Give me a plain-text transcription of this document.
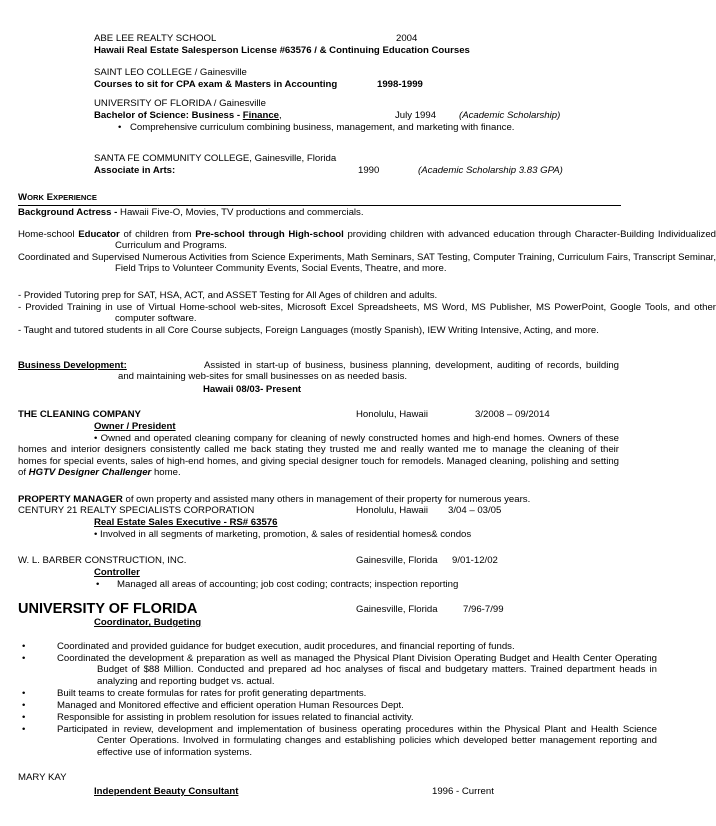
ABE LEE REALTY SCHOOL	2004
Hawaii Real Estate Salesperson License #63576 / & Continuing Education Courses
SAINT LEO COLLEGE / Gainesville
Courses to sit for CPA exam & Masters in Accounting	1998-1999
UNIVERSITY OF FLORIDA / Gainesville
Bachelor of Science: Business - Finance,	July 1994 (Academic Scholarship)
• Comprehensive curriculum combining business, management, and marketing with finance.
SANTA FE COMMUNITY COLLEGE, Gainesville, Florida
Associate in Arts:	1990	(Academic Scholarship 3.83 GPA)
WORK EXPERIENCE
Background Actress - Hawaii Five-O, Movies, TV productions and commercials.
Home-school Educator of children from Pre-school through High-school providing children with advanced education through Character-Building Individualized Curriculum and Programs.
Coordinated and Supervised Numerous Activities from Science Experiments, Math Seminars, SAT Testing, Computer Training, Curriculum Fairs, Transcript Seminar, Field Trips to Volunteer Community Events, Social Events, Theatre, and more.
- Provided Tutoring prep for SAT, HSA, ACT, and ASSET Testing for All Ages of children and adults.
- Provided Training in use of Virtual Home-school web-sites, Microsoft Excel Spreadsheets, MS Word, MS Publisher, MS PowerPoint, Google Tools, and other computer software.
- Taught and tutored students in all Core Course subjects, Foreign Languages (mostly Spanish), IEW Writing Intensive, Acting, and more.
Business Development:	Assisted in start-up of business, business planning, development, auditing of records, building and maintaining web-sites for small businesses on as needed basis.
Hawaii 08/03- Present
THE CLEANING COMPANY	Honolulu, Hawaii	3/2008 – 09/2014
Owner / President
• Owned and operated cleaning company for cleaning of newly constructed homes and high-end homes. Owners of these homes and interior designers consistently called me back stating they trusted me and really wanted me to manage the cleaning of their homes for special events, sales of high-end homes, and giving special designer touch for remodels. Managed cleaning, polishing and setting of HGTV Designer Challenger home.
PROPERTY MANAGER of own property and assisted many others in management of their property for numerous years.
CENTURY 21 REALTY SPECIALISTS CORPORATION	Honolulu, Hawaii 3/04 – 03/05
Real Estate Sales Executive - RS# 63576
• Involved in all segments of marketing, promotion, & sales of residential homes& condos
W. L. BARBER CONSTRUCTION, INC.	Gainesville, Florida 9/01-12/02
Controller
• Managed all areas of accounting; job cost coding; contracts; inspection reporting
UNIVERSITY OF FLORIDA	Gainesville, Florida	7/96-7/99
Coordinator, Budgeting
•	Coordinated and provided guidance for budget execution, audit procedures, and financial reporting of funds.
•	Coordinated the development & preparation as well as managed the Physical Plant Division Operating Budget and Health Center Operating Budget of $88 Million. Conducted and prepared ad hoc analyses of fiscal and budgetary matters. Trained department heads in analyzing and reporting budget vs. actual.
•	Built teams to create formulas for rates for profit generating departments.
•	Managed and Monitored effective and efficient operation Human Resources Dept.
•	Responsible for assisting in problem resolution for issues related to financial activity.
•	Participated in review, development and implementation of business operating procedures within the Physical Plant and Health Science Center Operations. Involved in formulating changes and establishing policies which developed better management reporting and effective use of information systems.
MARY KAY
Independent Beauty Consultant	1996 - Current
